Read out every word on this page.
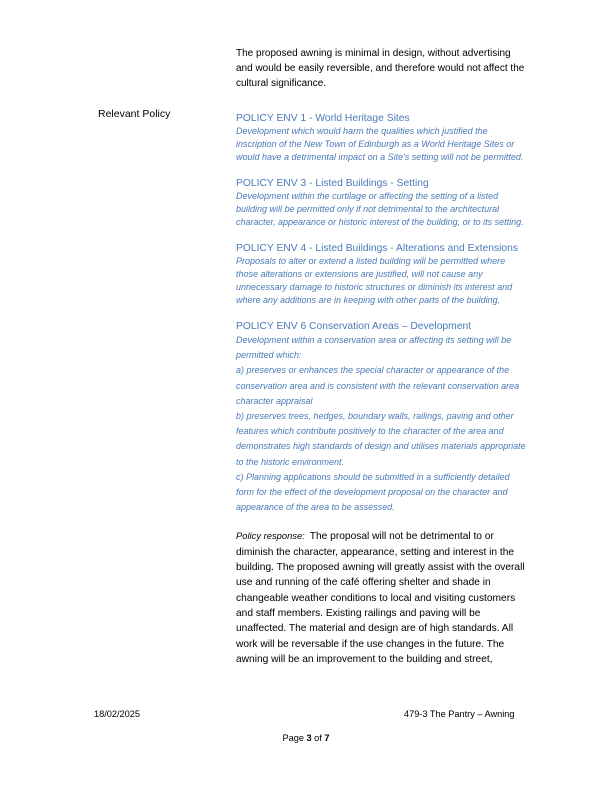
Relevant Policy

The proposed awning is minimal in design, without advertising and would be easily reversible, and therefore would not affect the cultural significance.

POLICY ENV 1 - World Heritage Sites

Development which would harm the qualities which justified the inscription of the New Town of Edinburgh as a World Heritage Sites or would have a detrimental impact on a Site's setting will not be permitted.

POLICY ENV 3 - Listed Buildings - Setting

Development within the curtilage or affecting the setting of a listed building will be permitted only if not detrimental to the architectural character, appearance or historic interest of the building, or to its setting.

POLICY ENV 4 - Listed Buildings - Alterations and Extensions

Proposals to alter or extend a listed building will be permitted where those alterations or extensions are justified, will not cause any unnecessary damage to historic structures or diminish its interest and where any additions are in keeping with other parts of the building.

POLICY ENV 6 Conservation Areas – Development

Development within a conservation area or affecting its setting will be permitted which:

a) preserves or enhances the special character or appearance of the conservation area and is consistent with the relevant conservation area character appraisal

b) preserves trees, hedges, boundary walls, railings, paving and other features which contribute positively to the character of the area and demonstrates high standards of design and utilises materials appropriate to the historic environment.

c) Planning applications should be submitted in a sufficiently detailed form for the effect of the development proposal on the character and appearance of the area to be assessed.

Policy response: The proposal will not be detrimental to or diminish the character, appearance, setting and interest in the building. The proposed awning will greatly assist with the overall use and running of the café offering shelter and shade in changeable weather conditions to local and visiting customers and staff members. Existing railings and paving will be unaffected. The material and design are of high standards. All work will be reversable if the use changes in the future. The awning will be an improvement to the building and street,

18/02/2025	479-3 The Pantry – Awning
Page 3 of 7
